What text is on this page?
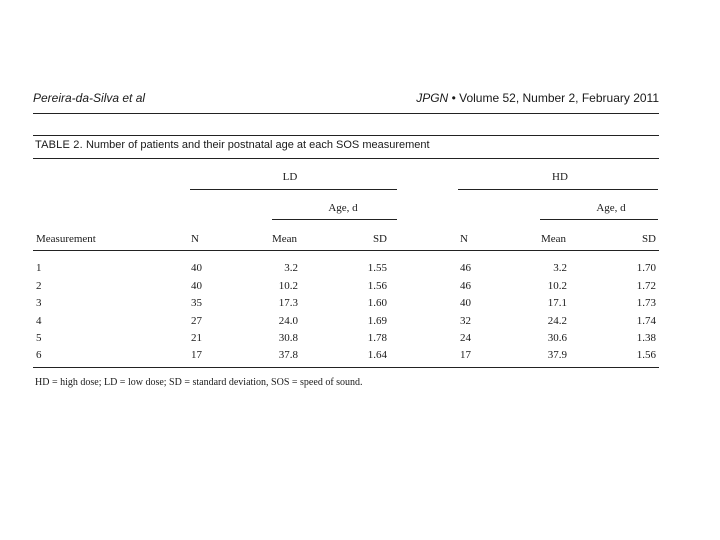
Pereira-da-Silva et al	JPGN • Volume 52, Number 2, February 2011
TABLE 2. Number of patients and their postnatal age at each SOS measurement
LD	HD
Age, d	Age, d
Measurement	N	Mean	SD	N	Mean	SD
1	40	3.2	1.55	46	3.2	1.70
2	40	10.2	1.56	46	10.2	1.72
3	35	17.3	1.60	40	17.1	1.73
4	27	24.0	1.69	32	24.2	1.74
5	21	30.8	1.78	24	30.6	1.38
6	17	37.8	1.64	17	37.9	1.56
HD = high dose; LD = low dose; SD = standard deviation, SOS = speed of sound.
